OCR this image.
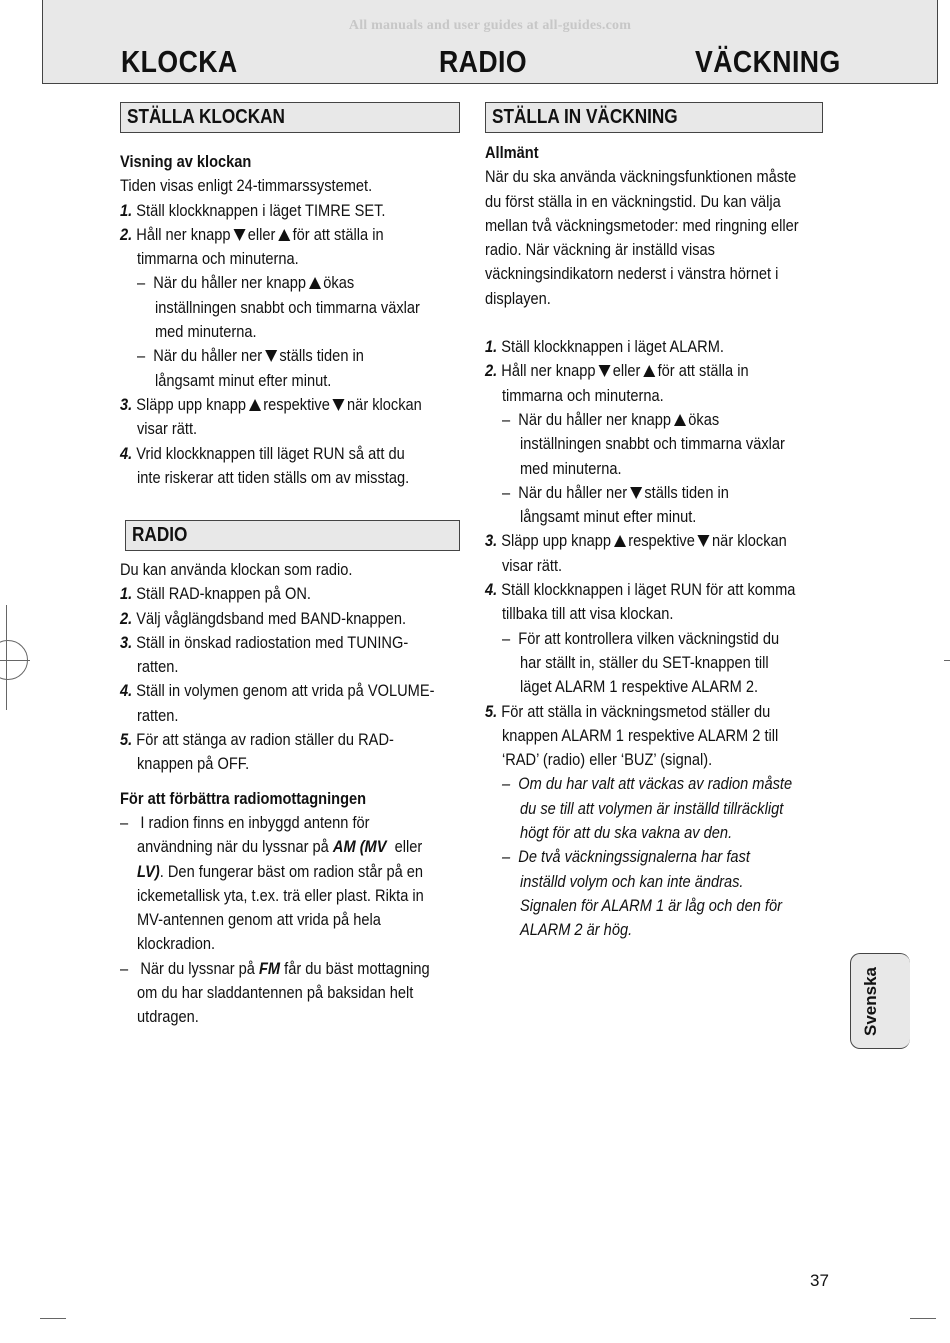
All manuals and user guides at all-guides.com
KLOCKA	RADIO	VÄCKNING
STÄLLA KLOCKAN
Visning av klockan
Tiden visas enligt 24-timmarssystemet.
1. Ställ klockknappen i läget TIMRE SET.
2. Håll ner knapp eller för att ställa in
timmarna och minuterna.
– När du håller ner knapp ökas
inställningen snabbt och timmarna växlar
med minuterna.
– När du håller ner ställs tiden in
långsamt minut efter minut.
3. Släpp upp knapp respektive när klockan
visar rätt.
4. Vrid klockknappen till läget RUN så att du
inte riskerar att tiden ställs om av misstag.
RADIO
Du kan använda klockan som radio.
1. Ställ RAD-knappen på ON.
2. Välj våglängdsband med BAND-knappen.
3. Ställ in önskad radiostation med TUNING-
ratten.
4. Ställ in volymen genom att vrida på VOLUME-
ratten.
5. För att stänga av radion ställer du RAD-
knappen på OFF.
För att förbättra radiomottagningen
– I radion finns en inbyggd antenn för
användning när du lyssnar på AM (MV eller
LV). Den fungerar bäst om radion står på en
ickemetallisk yta, t.ex. trä eller plast. Rikta in
MV-antennen genom att vrida på hela
klockradion.
– När du lyssnar på FM får du bäst mottagning
om du har sladdantennen på baksidan helt
utdragen.
STÄLLA IN VÄCKNING
Allmänt
När du ska använda väckningsfunktionen måste
du först ställa in en väckningstid. Du kan välja
mellan två väckningsmetoder: med ringning eller
radio. När väckning är inställd visas
väckningsindikatorn nederst i vänstra hörnet i
displayen.
1. Ställ klockknappen i läget ALARM.
2. Håll ner knapp eller för att ställa in
timmarna och minuterna.
– När du håller ner knapp ökas
inställningen snabbt och timmarna växlar
med minuterna.
– När du håller ner ställs tiden in
långsamt minut efter minut.
3. Släpp upp knapp respektive när klockan
visar rätt.
4. Ställ klockknappen i läget RUN för att komma
tillbaka till att visa klockan.
– För att kontrollera vilken väckningstid du
har ställt in, ställer du SET-knappen till
läget ALARM 1 respektive ALARM 2.
5. För att ställa in väckningsmetod ställer du
knappen ALARM 1 respektive ALARM 2 till
‘RAD’ (radio) eller ‘BUZ’ (signal).
– Om du har valt att väckas av radion måste
du se till att volymen är inställd tillräckligt
högt för att du ska vakna av den.
– De två väckningssignalerna har fast
inställd volym och kan inte ändras.
Signalen för ALARM 1 är låg och den för
ALARM 2 är hög.
Svenska
37
